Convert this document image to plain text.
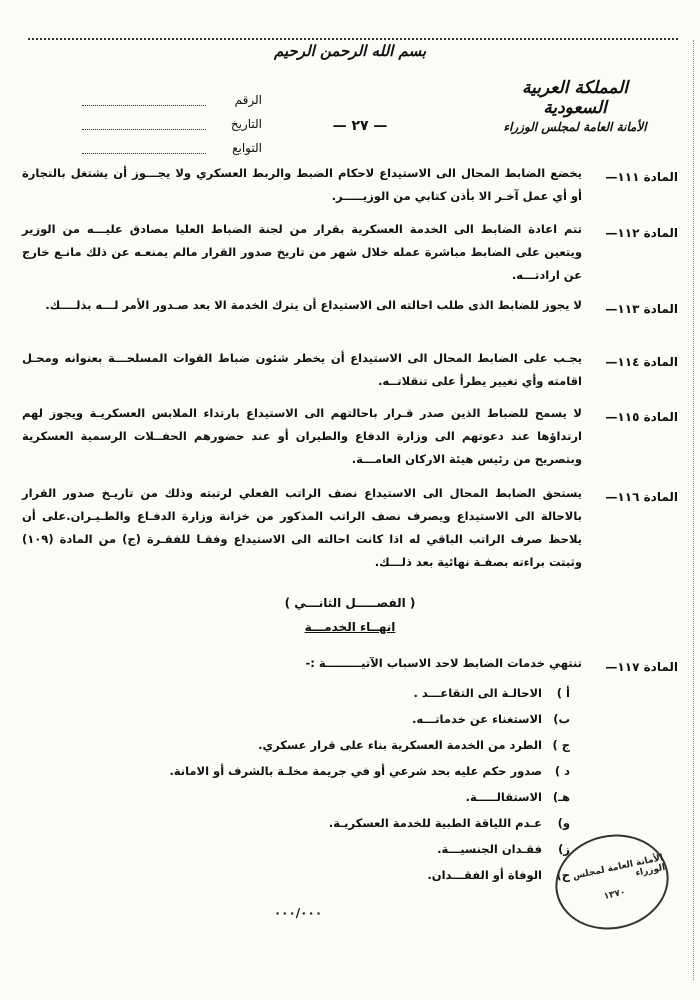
بسم الله الرحمن الرحيم
المملكة العربية السعودية
الأمانة العامة لمجلس الوزراء
الرقم
التاريخ
التوابع
— ٢٧ —
المادة ١١١—
يخضع الضابط المحال الى الاستيداع لاحكام الضبط والربط العسكري ولا يجـــوز أن يشتغل بالتجارة أو أي عمل آخـر الا بأذن كتابي من الوزيـــــر.
المادة ١١٢—
تتم اعادة الضابط الى الخدمة العسكرية بقرار من لجنة الضباط العليا مصادق عليـــه من الوزير ويتعين على الضابط مباشرة عمله خلال شهر من تاريخ صدور القرار مالم يمنعـه عن ذلك مانـع خارج عن ارادتـــه.
المادة ١١٣—
لا يجوز للضابط الذى طلب احالته الى الاستيداع أن يترك الخدمة الا بعد صـدور الأمر لـــه بذلــــك.
المادة ١١٤—
يجـب على الضابط المحال الى الاستيداع أن يخطر شئون ضباط القوات المسلحـــة بعنوانه ومحـل اقامته وأي تغيير يطرأ على تنقلاتــه.
المادة ١١٥—
لا يسمح للضباط الذين صدر قـرار باحالتهم الى الاستيداع بارتداء الملابس العسكريـة ويجوز لهم ارتداؤها عند دعوتهم الى وزارة الدفاع والطيران أو عند حضورهم الحفــلات الرسمية العسكرية وبتصريح من رئيس هيئة الاركان العامـــة.
المادة ١١٦—
يستحق الضابط المحال الى الاستيداع نصف الراتب الفعلي لرتبته وذلك من تاريـخ صدور القرار بالاحالة الى الاستيداع ويصرف نصف الراتب المذكور من خزانة وزارة الدفـاع والطـيـران.على أن يلاحظ صرف الراتب الباقي له اذا كانت احالته الى الاستيداع وفقـا للفقـرة (ج) من المادة (١٠٩) وثبتت براءته بصفـة نهائية بعد ذلـــك.
( الفصـــــل الثانـــي )
انهــاء الخدمـــة
المادة ١١٧—
تنتهي خدمات الضابط لاحد الاسباب الآتيـــــــــة :-
أ )
الاحالـة الى التقاعـــد .
ب)
الاستغناء عن خدماتـــه.
ج )
الطرد من الخدمة العسكرية بناء على قرار عسكري.
د )
صدور حكم عليه بحد شرعي أو في جريمة مخلـة بالشرف أو الامانة.
هـ)
الاستقالـــــة.
و)
عـدم اللياقة الطبية للخدمة العسكريـة.
ز)
فقـدان الجنسيـــة.
ح)
الوفاة أو الفقـــدان.
٠٠٠/٠٠٠
الأمانة العامة لمجلس الوزراء
١٣٧٠
